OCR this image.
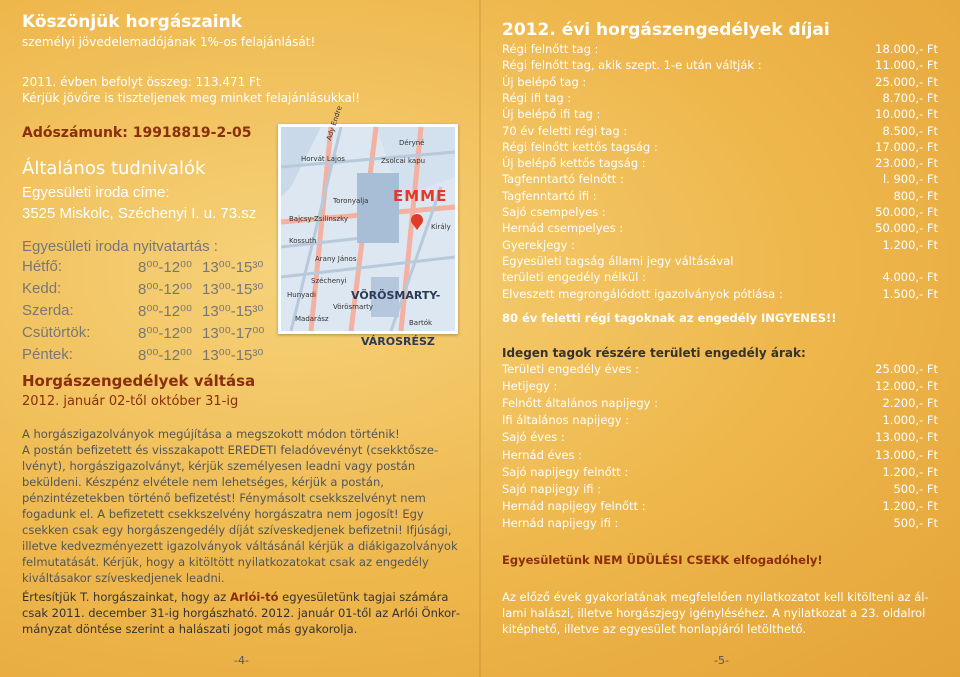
Köszönjük horgászaink
személyi jövedelemadójának 1%-os felajánlását!
2011. évben befolyt összeg: 113.471 Ft
Kérjük jövőre is tiszteljenek meg minket felajánlásukkal!
Adószámunk: 19918819-2-05
Általános tudnivalók
Egyesületi iroda címe:
3525 Miskolc, Széchenyi I. u. 73.sz
Egyesületi iroda nyitvatartás :
Hétfő:	8⁰⁰-12⁰⁰ 13⁰⁰-15³⁰
Kedd:	8⁰⁰-12⁰⁰ 13⁰⁰-15³⁰
Szerda:	8⁰⁰-12⁰⁰ 13⁰⁰-15³⁰
Csütörtök:	8⁰⁰-12⁰⁰ 13⁰⁰-17⁰⁰
Péntek:	8⁰⁰-12⁰⁰ 13⁰⁰-15³⁰
Ady Endre
Horvát Lajos	Zsolcai kapu
Toronyalja
Bajcsy-Zsilinszky
Arany János
Széchenyi
Kossuth
Király
Vörösmarty
Madarász
Déryné
Hunyadi
Bartók
EMME
VÖRÖSMARTY-
VÁROSRÉSZ
Horgászengedélyek váltása
2012. január 02-től október 31-ig
A horgászigazolványok megújítása a megszokott módon történik!
A postán befizetett és visszakapott EREDETI feladóvevényt (csekktőszelvényt), horgászigazolványt, kérjük személyesen leadni vagy postán beküldeni. Készpénz elvétele nem lehetséges, kérjük a postán, pénzintézetekben történő befizetést! Fénymásolt csekkszelvényt nem fogadunk el. A befizetett csekkszelvény horgászatra nem jogosít! Egy csekken csak egy horgászengedély díját szíveskedjenek befizetni! Ifjúsági, illetve kedvezményezett igazolványok váltásánál kérjük a diákigazolványok felmutatását. Kérjük, hogy a kitöltött nyilatkozatokat csak az engedély kiváltásakor szíveskedjenek leadni.
Értesítjük T. horgászainkat, hogy az Arlói-tó egyesületünk tagjai számára csak 2011. december 31-ig horgászható. 2012. január 01-től az Arlói Önkormányzat döntése szerint a halászati jogot más gyakorolja.
-4-
2012. évi horgászengedélyek díjai
Régi felnőtt tag :	18.000,- Ft
Régi felnőtt tag, akik szept. 1-e után váltják :	11.000,- Ft
Új belépő tag :	25.000,- Ft
Régi ifi tag :	8.700,- Ft
Új belépő ifi tag :	10.000,- Ft
70 év feletti régi tag :	8.500,- Ft
Régi felnőtt kettős tagság :	17.000,- Ft
Új belépő kettős tagság :	23.000,- Ft
Tagfenntartó felnőtt :	l. 900,- Ft
Tagfenntartó ifi :	800,- Ft
Sajó csempelyes :	50.000,- Ft
Hernád csempelyes :	50.000,- Ft
Gyerekjegy :	1.200,- Ft
Egyesületi tagság állami jegy váltásával
területi engedély nélkül :	4.000,- Ft
Elveszett megrongálódott igazolványok pótlása :	1.500,- Ft
80 év feletti régi tagoknak az engedély INGYENES!!
Idegen tagok részére területi engedély árak:
Területi engedély éves :	25.000,- Ft
Hetijegy :	12.000,- Ft
Felnőtt általános napijegy :	2.200,- Ft
Ifi általános napijegy :	1.000,- Ft
Sajó éves :	13.000,- Ft
Hernád éves :	13.000,- Ft
Sajó napijegy felnőtt :	1.200,- Ft
Sajó napijegy ifi :	500,- Ft
Hernád napijegy felnőtt :	1.200,- Ft
Hernád napijegy ifi :	500,- Ft
Egyesületünk NEM ÜDÜLÉSI CSEKK elfogadóhely!
Az előző évek gyakorlatának megfelelően nyilatkozatot kell kitölteni az állami halászi, illetve horgászjegy igényléséhez. A nyilatkozat a 23. oldalrol kitéphető, illetve az egyesület honlapjáról letölthető.
-5-
